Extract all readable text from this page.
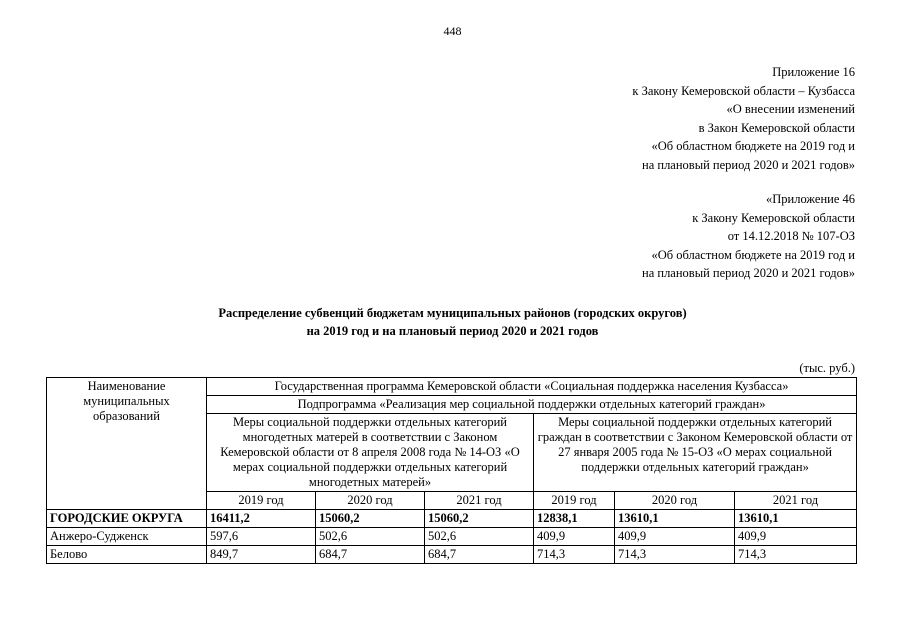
448
Приложение 16
к Закону Кемеровской области – Кузбасса
«О внесении изменений
в Закон Кемеровской области
«Об областном бюджете на 2019 год и
на плановый период 2020 и 2021 годов»
«Приложение 46
к Закону Кемеровской области
от 14.12.2018 № 107-ОЗ
«Об областном бюджете на 2019 год и
на плановый период 2020 и 2021 годов»
Распределение субвенций бюджетам муниципальных районов (городских округов)
на 2019 год и на плановый период 2020 и 2021 годов
(тыс. руб.)
Наименование муниципальных образований	Государственная программа Кемеровской области «Социальная поддержка населения Кузбасса»					
	Подпрограмма «Реализация мер социальной поддержки отдельных категорий граждан»					
	Меры социальной поддержки отдельных категорий многодетных матерей в соответствии с Законом Кемеровской области от 8 апреля 2008 года № 14-ОЗ «О мерах социальной поддержки отдельных категорий многодетных матерей»			Меры социальной поддержки отдельных категорий граждан в соответствии с Законом Кемеровской области от 27 января 2005 года № 15-ОЗ «О мерах социальной поддержки отдельных категорий граждан»		
	2019 год	2020 год	2021 год	2019 год	2020 год	2021 год
ГОРОДСКИЕ ОКРУГА	16411,2	15060,2	15060,2	12838,1	13610,1	13610,1
Анжеро-Судженск	597,6	502,6	502,6	409,9	409,9	409,9
Белово	849,7	684,7	684,7	714,3	714,3	714,3
